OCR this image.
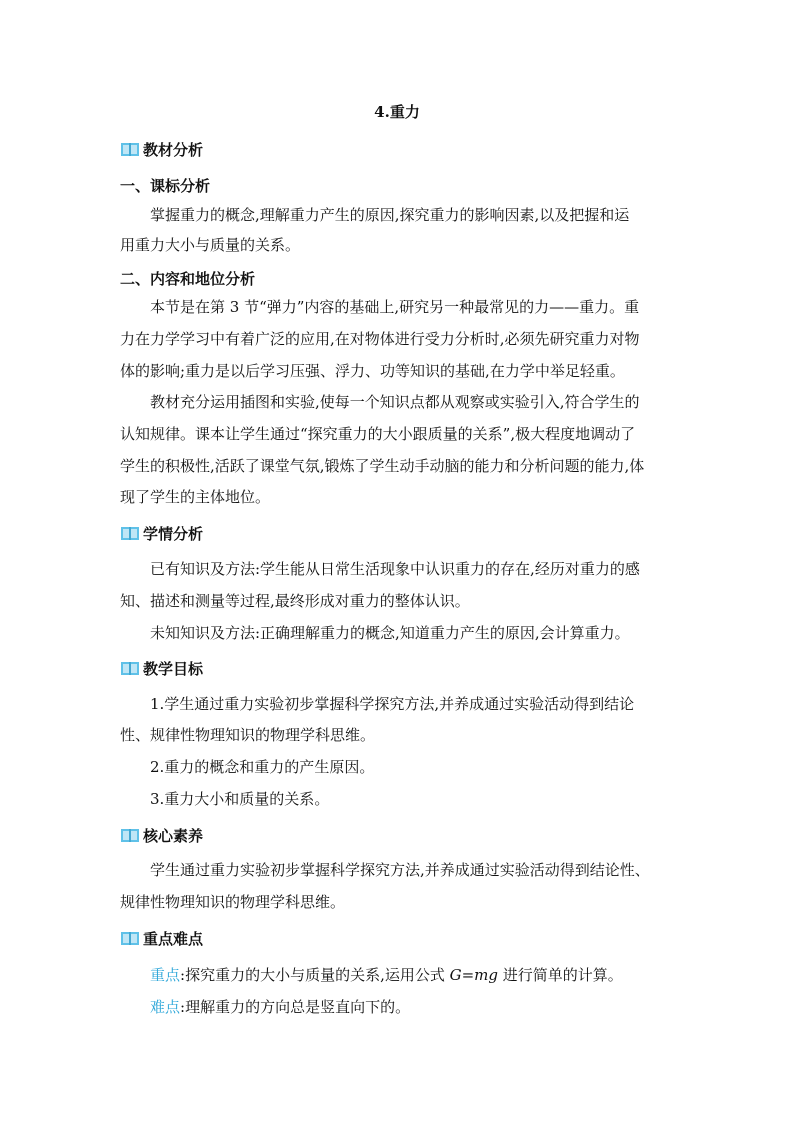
4.重力
教材分析
一、课标分析
掌握重力的概念,理解重力产生的原因,探究重力的影响因素,以及把握和运
用重力大小与质量的关系。
二、内容和地位分析
本节是在第 3 节“弹力”内容的基础上,研究另一种最常见的力——重力。重
力在力学学习中有着广泛的应用,在对物体进行受力分析时,必须先研究重力对物
体的影响;重力是以后学习压强、浮力、功等知识的基础,在力学中举足轻重。
教材充分运用插图和实验,使每一个知识点都从观察或实验引入,符合学生的
认知规律。课本让学生通过“探究重力的大小跟质量的关系”,极大程度地调动了
学生的积极性,活跃了课堂气氛,锻炼了学生动手动脑的能力和分析问题的能力,体
现了学生的主体地位。
学情分析
已有知识及方法:学生能从日常生活现象中认识重力的存在,经历对重力的感
知、描述和测量等过程,最终形成对重力的整体认识。
未知知识及方法:正确理解重力的概念,知道重力产生的原因,会计算重力。
教学目标
1.学生通过重力实验初步掌握科学探究方法,并养成通过实验活动得到结论
性、规律性物理知识的物理学科思维。
2.重力的概念和重力的产生原因。
3.重力大小和质量的关系。
核心素养
学生通过重力实验初步掌握科学探究方法,并养成通过实验活动得到结论性、
规律性物理知识的物理学科思维。
重点难点
重点:探究重力的大小与质量的关系,运用公式 G=mg 进行简单的计算。
难点:理解重力的方向总是竖直向下的。
